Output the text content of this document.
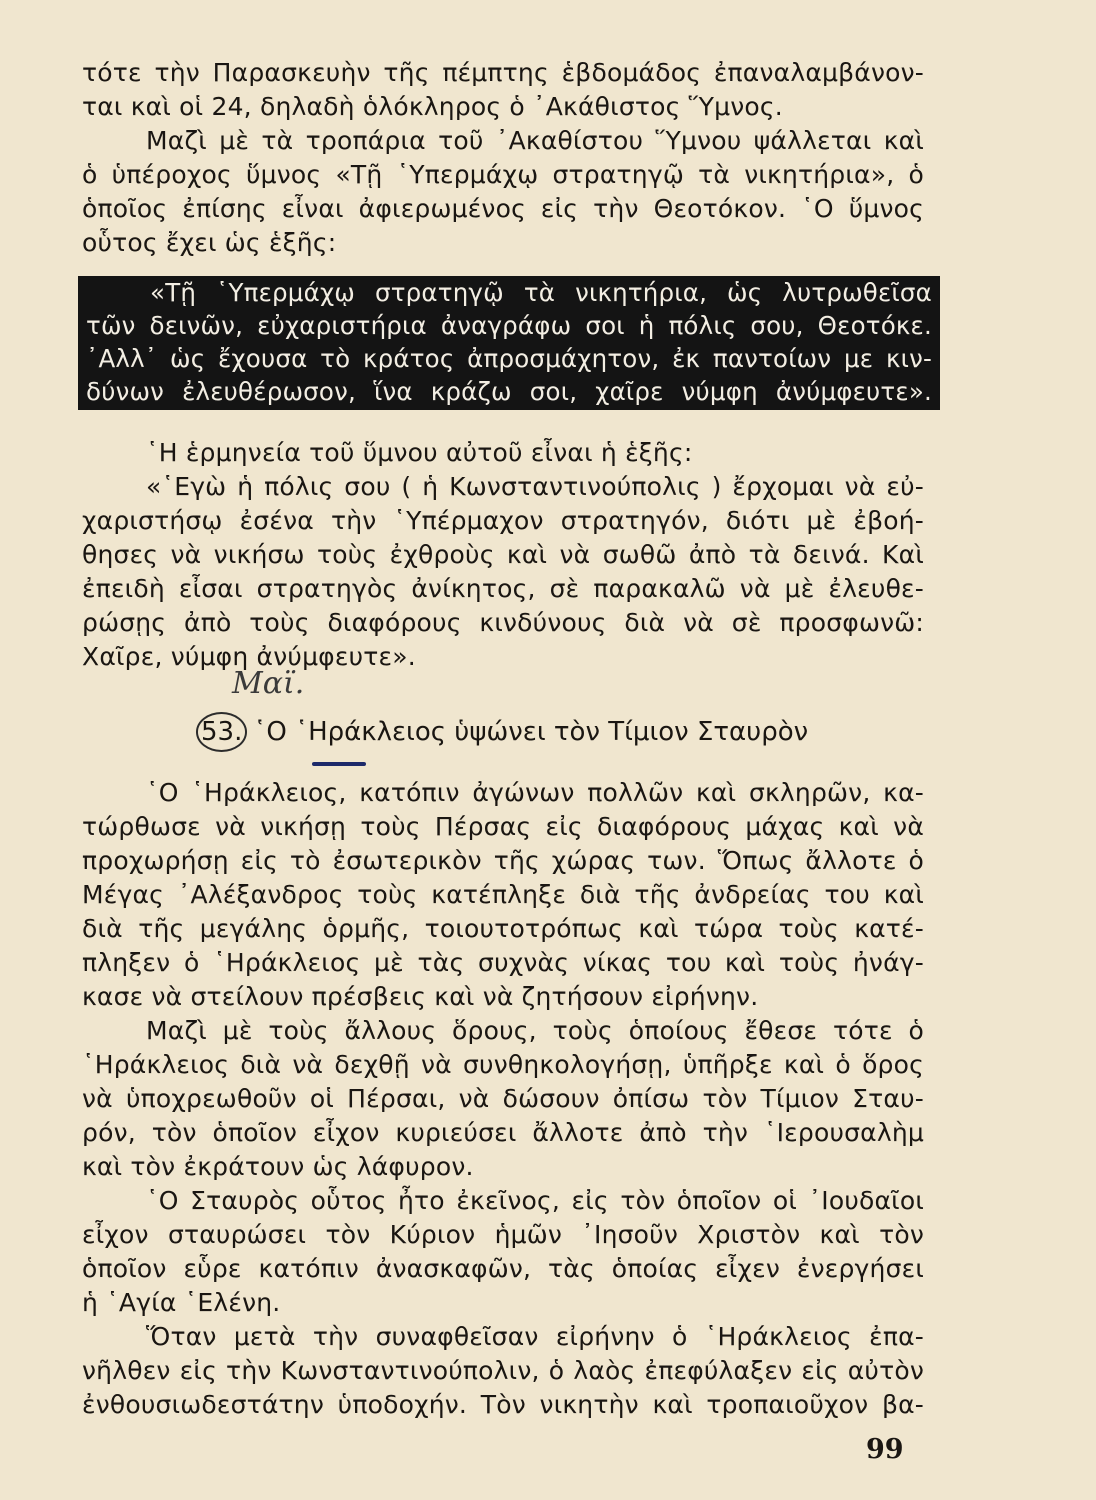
τότε τὴν Παρασκευὴν τῆς πέμπτης ἑβδομάδος ἐπαναλαμβάνον-
ται καὶ οἱ 24, δηλαδὴ ὁλόκληρος ὁ ᾿Ακάθιστος Ὕμνος.
Μαζὶ μὲ τὰ τροπάρια τοῦ ᾿Ακαθίστου Ὕμνου ψάλλεται καὶ
ὁ ὑπέροχος ὕμνος «Τῇ ῾Υπερμάχῳ στρατηγῷ τὰ νικητήρια», ὁ
ὁποῖος ἐπίσης εἶναι ἀφιερωμένος εἰς τὴν Θεοτόκον. ῾Ο ὕμνος
οὗτος ἔχει ὡς ἑξῆς:
«Τῇ ῾Υπερμάχῳ στρατηγῷ τὰ νικητήρια, ὡς λυτρωθεῖσα
τῶν δεινῶν, εὐχαριστήρια ἀναγράφω σοι ἡ πόλις σου, Θεοτόκε.
᾿Αλλ᾿ ὡς ἔχουσα τὸ κράτος ἀπροσμάχητον, ἐκ παντοίων με κιν-
δύνων ἐλευθέρωσον, ἵνα κράζω σοι, χαῖρε νύμφη ἀνύμφευτε».
῾Η ἑρμηνεία τοῦ ὕμνου αὐτοῦ εἶναι ἡ ἑξῆς:
«῾Εγὼ ἡ πόλις σου ( ἡ Κωνσταντινούπολις ) ἔρχομαι νὰ εὐ-
χαριστήσῳ ἐσένα τὴν ῾Υπέρμαχον στρατηγόν, διότι μὲ ἐβοή-
θησες νὰ νικήσω τοὺς ἐχθροὺς καὶ νὰ σωθῶ ἀπὸ τὰ δεινά. Καὶ
ἐπειδὴ εἶσαι στρατηγὸς ἀνίκητος, σὲ παρακαλῶ νὰ μὲ ἐλευθε-
ρώσῃς ἀπὸ τοὺς διαφόρους κινδύνους διὰ νὰ σὲ προσφωνῶ:
Χαῖρε, νύμφη ἀνύμφευτε».
Μαϊ.
53. ῾Ο ῾Ηράκλειος ὑψώνει τὸν Τίμιον Σταυρὸν
῾Ο ῾Ηράκλειος, κατόπιν ἀγώνων πολλῶν καὶ σκληρῶν, κα-
τώρθωσε νὰ νικήσῃ τοὺς Πέρσας εἰς διαφόρους μάχας καὶ νὰ
προχωρήσῃ εἰς τὸ ἐσωτερικὸν τῆς χώρας των. Ὅπως ἄλλοτε ὁ
Μέγας ᾿Αλέξανδρος τοὺς κατέπληξε διὰ τῆς ἀνδρείας του καὶ
διὰ τῆς μεγάλης ὁρμῆς, τοιουτοτρόπως καὶ τώρα τοὺς κατέ-
πληξεν ὁ ῾Ηράκλειος μὲ τὰς συχνὰς νίκας του καὶ τοὺς ἠνάγ-
κασε νὰ στείλουν πρέσβεις καὶ νὰ ζητήσουν εἰρήνην.
Μαζὶ μὲ τοὺς ἄλλους ὅρους, τοὺς ὁποίους ἔθεσε τότε ὁ
῾Ηράκλειος διὰ νὰ δεχθῇ νὰ συνθηκολογήσῃ, ὑπῆρξε καὶ ὁ ὅρος
νὰ ὑποχρεωθοῦν οἱ Πέρσαι, νὰ δώσουν ὀπίσω τὸν Τίμιον Σταυ-
ρόν, τὸν ὁποῖον εἶχον κυριεύσει ἄλλοτε ἀπὸ τὴν ῾Ιερουσαλὴμ
καὶ τὸν ἐκράτουν ὡς λάφυρον.
῾Ο Σταυρὸς οὗτος ἦτο ἐκεῖνος, εἰς τὸν ὁποῖον οἱ ᾿Ιουδαῖοι
εἶχον σταυρώσει τὸν Κύριον ἡμῶν ᾿Ιησοῦν Χριστὸν καὶ τὸν
ὁποῖον εὗρε κατόπιν ἀνασκαφῶν, τὰς ὁποίας εἶχεν ἐνεργήσει
ἡ ῾Αγία ῾Ελένη.
Ὅταν μετὰ τὴν συναφθεῖσαν εἰρήνην ὁ ῾Ηράκλειος ἐπα-
νῆλθεν εἰς τὴν Κωνσταντινούπολιν, ὁ λαὸς ἐπεφύλαξεν εἰς αὐτὸν
ἐνθουσιωδεστάτην ὑποδοχήν. Τὸν νικητὴν καὶ τροπαιοῦχον βα-
99
